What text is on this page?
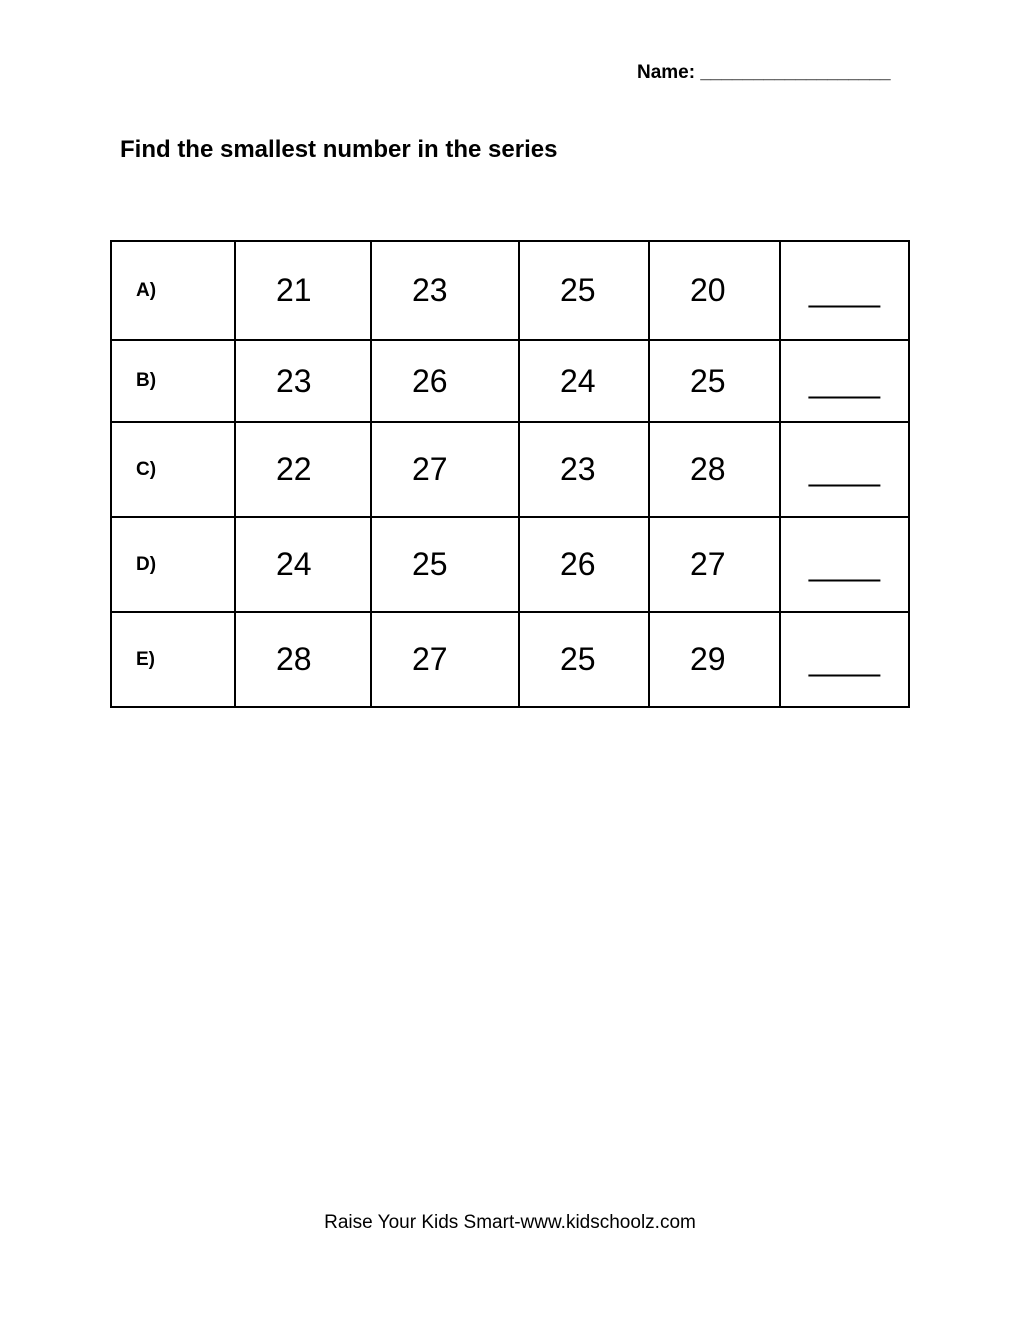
Name: __________________
Find the smallest number in the series
A)	21	23	25	20	____
B)	23	26	24	25	____
C)	22	27	23	28	____
D)	24	25	26	27	____
E)	28	27	25	29	____
Raise Your Kids Smart-www.kidschoolz.com
